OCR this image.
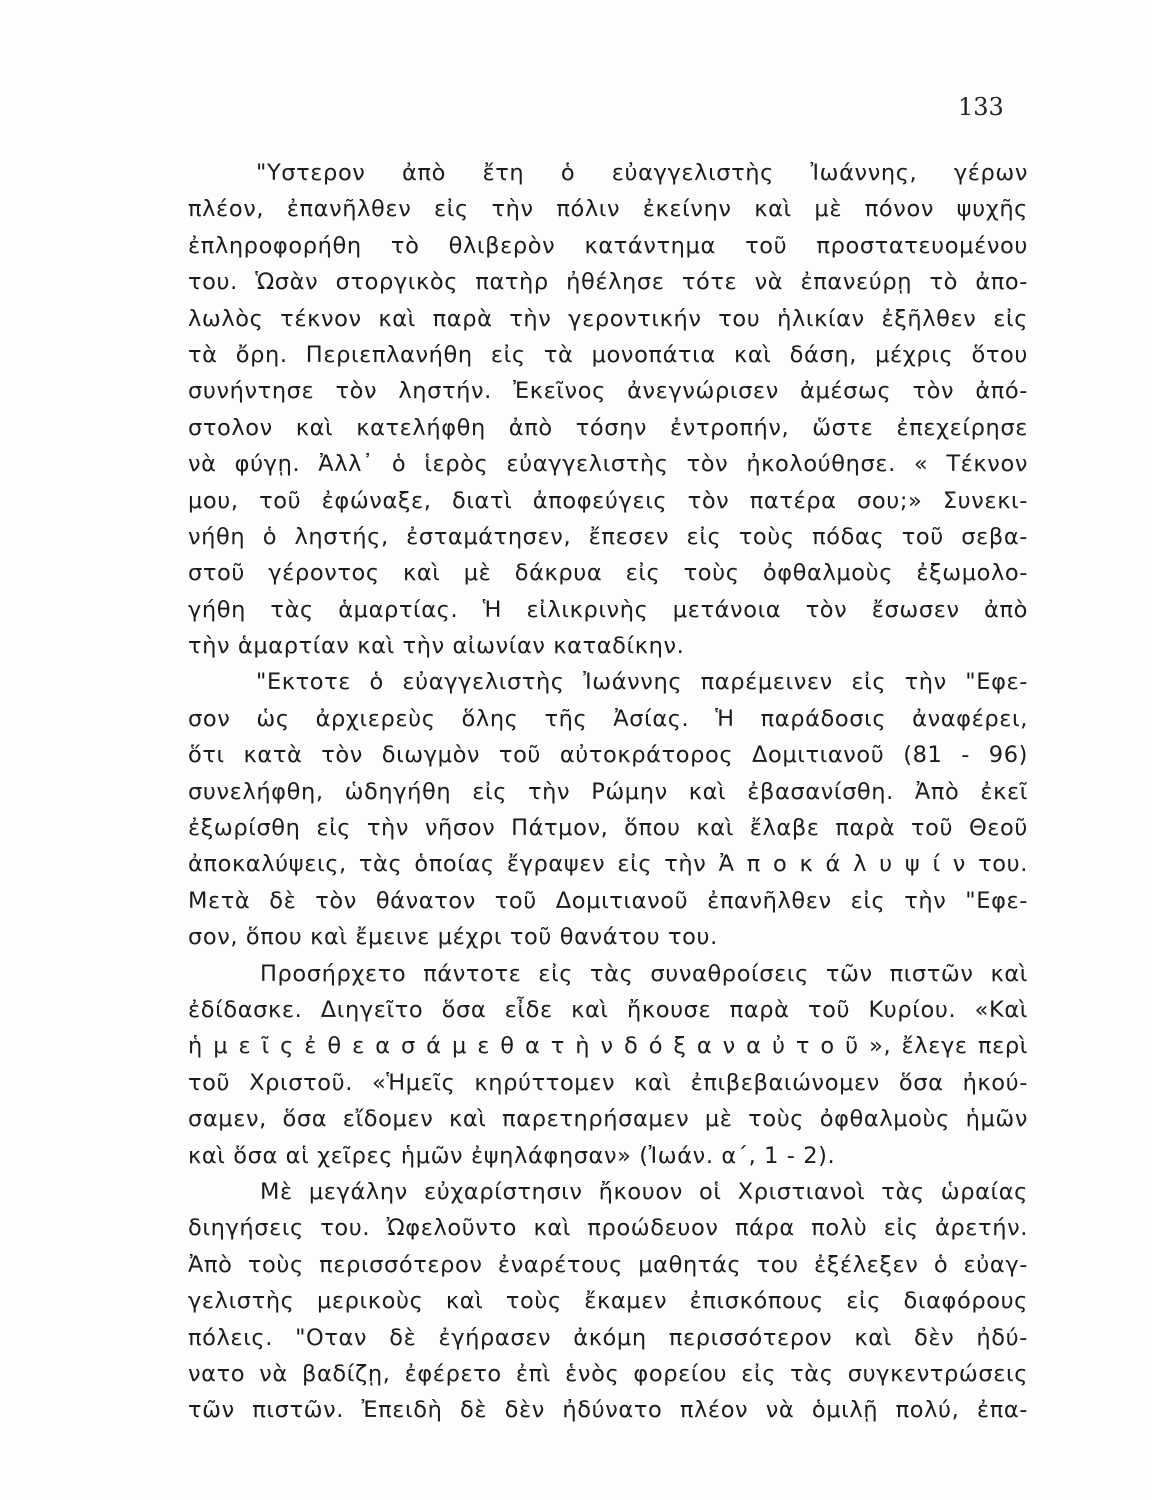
133
"Υστερον ἀπὸ ἔτη ὁ εὐαγγελιστὴς Ἰωάννης, γέρων
πλέον, ἐπανῆλθεν εἰς τὴν πόλιν ἐκείνην καὶ μὲ πόνον ψυχῆς
ἐπληροφορήθη τὸ θλιβερὸν κατάντημα τοῦ προστατευομένου
του. Ὡσὰν στοργικὸς πατὴρ ἠθέλησε τότε νὰ ἐπανεύρῃ τὸ ἀπο-
λωλὸς τέκνον καὶ παρὰ τὴν γεροντικήν του ἡλικίαν ἐξῆλθεν εἰς
τὰ ὄρη. Περιεπλανήθη εἰς τὰ μονοπάτια καὶ δάση, μέχρις ὅτου
συνήντησε τὸν ληστήν. Ἐκεῖνος ἀνεγνώρισεν ἀμέσως τὸν ἀπό-
στολον καὶ κατελήφθη ἀπὸ τόσην ἐντροπήν, ὥστε ἐπεχείρησε
νὰ φύγῃ. Ἀλλ᾿ ὁ ἱερὸς εὐαγγελιστὴς τὸν ἠκολούθησε. « Τέκνον
μου, τοῦ ἐφώναξε, διατὶ ἀποφεύγεις τὸν πατέρα σου;» Συνεκι-
νήθη ὁ ληστής, ἐσταμάτησεν, ἔπεσεν εἰς τοὺς πόδας τοῦ σεβα-
στοῦ γέροντος καὶ μὲ δάκρυα εἰς τοὺς ὀφθαλμοὺς ἐξωμολο-
γήθη τὰς ἁμαρτίας. Ἡ εἰλικρινὴς μετάνοια τὸν ἔσωσεν ἀπὸ
τὴν ἁμαρτίαν καὶ τὴν αἰωνίαν καταδίκην.
"Εκτοτε ὁ εὐαγγελιστὴς Ἰωάννης παρέμεινεν εἰς τὴν "Εφε-
σον ὡς ἀρχιερεὺς ὅλης τῆς Ἀσίας. Ἡ παράδοσις ἀναφέρει,
ὅτι κατὰ τὸν διωγμὸν τοῦ αὐτοκράτορος Δομιτιανοῦ (81 - 96)
συνελήφθη, ὡδηγήθη εἰς τὴν Ρώμην καὶ ἐβασανίσθη. Ἀπὸ ἐκεῖ
ἐξωρίσθη εἰς τὴν νῆσον Πάτμον, ὅπου καὶ ἔλαβε παρὰ τοῦ Θεοῦ
ἀποκαλύψεις, τὰς ὁποίας ἔγραψεν εἰς τὴν Ἀ π ο κ ά λ υ ψ ί ν του.
Μετὰ δὲ τὸν θάνατον τοῦ Δομιτιανοῦ ἐπανῆλθεν εἰς τὴν "Εφε-
σον, ὅπου καὶ ἔμεινε μέχρι τοῦ θανάτου του.
Προσήρχετο πάντοτε εἰς τὰς συναθροίσεις τῶν πιστῶν καὶ
ἐδίδασκε. Διηγεῖτο ὅσα εἶδε καὶ ἤκουσε παρὰ τοῦ Κυρίου. «Καὶ
ἡ μ ε ῖ ς ἐ θ ε α σ ά μ ε θ α τ ὴ ν δ ό ξ α ν α ὐ τ ο ῦ », ἔλεγε περὶ
τοῦ Χριστοῦ. «Ἡμεῖς κηρύττομεν καὶ ἐπιβεβαιώνομεν ὅσα ἠκού-
σαμεν, ὅσα εἴδομεν καὶ παρετηρήσαμεν μὲ τοὺς ὀφθαλμοὺς ἡμῶν
καὶ ὅσα αἱ χεῖρες ἡμῶν ἐψηλάφησαν» (Ἰωάν. α΄, 1 - 2).
Μὲ μεγάλην εὐχαρίστησιν ἤκουον οἱ Χριστιανοὶ τὰς ὡραίας
διηγήσεις του. Ὠφελοῦντο καὶ προώδευον πάρα πολὺ εἰς ἀρετήν.
Ἀπὸ τοὺς περισσότερον ἐναρέτους μαθητάς του ἐξέλεξεν ὁ εὐαγ-
γελιστὴς μερικοὺς καὶ τοὺς ἔκαμεν ἐπισκόπους εἰς διαφόρους
πόλεις. "Οταν δὲ ἐγήρασεν ἀκόμη περισσότερον καὶ δὲν ἠδύ-
νατο νὰ βαδίζῃ, ἐφέρετο ἐπὶ ἑνὸς φορείου εἰς τὰς συγκεντρώσεις
τῶν πιστῶν. Ἐπειδὴ δὲ δὲν ἠδύνατο πλέον νὰ ὁμιλῇ πολύ, ἐπα-
